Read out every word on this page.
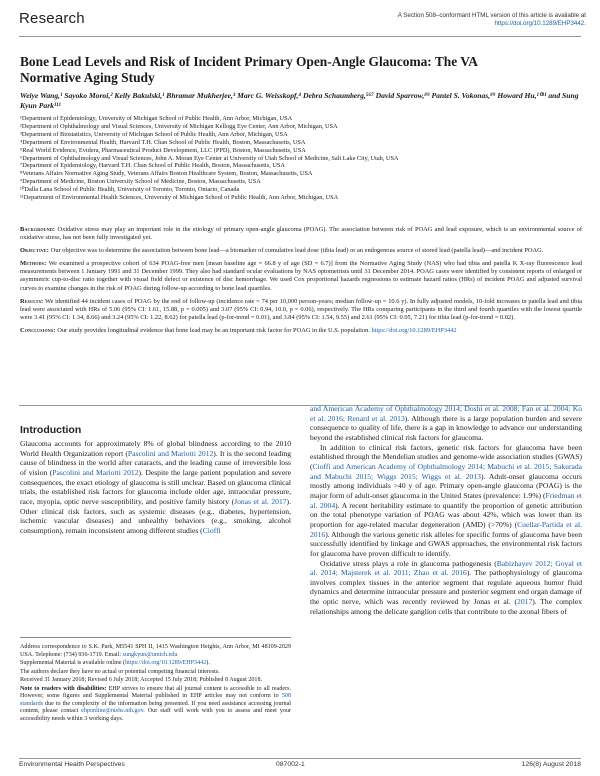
Research	A Section 508–conformant HTML version of this article is available at https://doi.org/10.1289/EHP3442.
Bone Lead Levels and Risk of Incident Primary Open-Angle Glaucoma: The VA Normative Aging Study
Weiye Wang,¹ Sayoko Moroi,² Kelly Bakulski,¹ Bhramar Mukherjee,³ Marc G. Weisskopf,⁴ Debra Schaumberg,⁵⁶⁷ David Sparrow,⁸⁹ Pantel S. Vokonas,⁸⁹ Howard Hu,¹⁰¹¹ and Sung Kyun Park¹¹¹
¹Department of Epidemiology, University of Michigan School of Public Health, Ann Arbor, Michigan, USA
²Department of Ophthalmology and Visual Sciences, University of Michigan Kellogg Eye Center, Ann Arbor, Michigan, USA
³Department of Biostatistics, University of Michigan School of Public Health, Ann Arbor, Michigan, USA
⁴Department of Environmental Health, Harvard T.H. Chan School of Public Health, Boston, Massachusetts, USA
⁵Real World Evidence, Evidera, Pharmaceutical Product Development, LLC (PPD), Boston, Massachusetts, USA
⁶Department of Ophthalmology and Visual Sciences, John A. Moran Eye Center at University of Utah School of Medicine, Salt Lake City, Utah, USA
⁷Department of Epidemiology, Harvard T.H. Chan School of Public Health, Boston, Massachusetts, USA
⁸Veterans Affairs Normative Aging Study, Veterans Affairs Boston Healthcare System, Boston, Massachusetts, USA
⁹Department of Medicine, Boston University School of Medicine, Boston, Massachusetts, USA
¹⁰Dalla Lana School of Public Health, University of Toronto, Toronto, Ontario, Canada
¹¹Department of Environmental Health Sciences, University of Michigan School of Public Health, Ann Arbor, Michigan, USA

Background: Oxidative stress may play an important role in the etiology of primary open-angle glaucoma (POAG). The association between risk of POAG and lead exposure, which is an environmental source of oxidative stress, has not been fully investigated yet.

Objective: Our objective was to determine the association between bone lead—a biomarker of cumulative lead dose (tibia lead) or an endogenous source of stored lead (patella lead)—and incident POAG.

Methods: We examined a prospective cohort of 634 POAG-free men [mean baseline age = 66.8 y of age (SD = 6.7)] from the Normative Aging Study (NAS) who had tibia and patella K X-ray fluorescence lead measurements between 1 January 1991 and 31 December 1999. They also had standard ocular evaluations by NAS optometrists until 31 December 2014. POAG cases were identified by consistent reports of enlarged or asymmetric cup-to-disc ratio together with visual field defect or existence of disc hemorrhage. We used Cox proportional hazards regressions to estimate hazard ratios (HRs) of incident POAG and adjusted survival curves to examine changes in the risk of POAG during follow-up according to bone lead quartiles.

Results: We identified 44 incident cases of POAG by the end of follow-up (incidence rate = 74 per 10,000 person-years; median follow-up = 10.6 y). In fully adjusted models, 10-fold increases in patella lead and tibia lead were associated with HRs of 5.06 (95% CI: 1.61, 15.88, p = 0.005) and 3.07 (95% CI: 0.94, 10.0, p = 0.06), respectively. The HRs comparing participants in the third and fourth quartiles with the lowest quartile were 3.41 (95% CI: 1.34, 8.66) and 3.24 (95% CI: 1.22, 8.62) for patella lead (p-for-trend = 0.01), and 3.84 (95% CI: 1.54, 9.55) and 2.61 (95% CI: 0.95, 7.21) for tibia lead (p-for-trend = 0.02).

Conclusions: Our study provides longitudinal evidence that bone lead may be an important risk factor for POAG in the U.S. population. https://doi.org/10.1289/EHP3442

Introduction

Glaucoma accounts for approximately 8% of global blindness according to the 2010 World Health Organization report (Pascolini and Mariotti 2012). It is the second leading cause of blindness in the world after cataracts, and the leading cause of irreversible loss of vision (Pascolini and Mariotti 2012). Despite the large patient population and severe consequences, the exact etiology of glaucoma is still unclear. Based on glaucoma clinical trials, the established risk factors for glaucoma include older age, intraocular pressure, race, myopia, optic nerve susceptibility, and positive family history (Jonas et al. 2017). Other clinical risk factors, such as systemic diseases (e.g., diabetes, hypertension, ischemic vascular diseases) and unhealthy behaviors (e.g., smoking, alcohol consumption), remain inconsistent among different studies (Cioffi

Address correspondence to S.K. Park, M5541 SPH II, 1415 Washington Heights, Ann Arbor, MI 48109-2029 USA. Telephone: (734) 936-1719. Email: sungkyun@umich.edu

Supplemental Material is available online (https://doi.org/10.1289/EHP3442).

The authors declare they have no actual or potential competing financial interests.

Received 31 January 2018; Revised 6 July 2018; Accepted 15 July 2018; Published 8 August 2018.

Note to readers with disabilities: EHP strives to ensure that all journal content is accessible to all readers. However, some figures and Supplemental Material published in EHP articles may not conform to 508 standards due to the complexity of the information being presented. If you need assistance accessing journal content, please contact ehponline@niehs.nih.gov. Our staff will work with you to assess and meet your accessibility needs within 3 working days.

and American Academy of Ophthalmology 2014; Doshi et al. 2008; Fan et al. 2004; Ko et al. 2016; Renard et al. 2013). Although there is a large population burden and severe consequence to quality of life, there is a gap in knowledge to advance our understanding beyond the established clinical risk factors for glaucoma.

In addition to clinical risk factors, genetic risk factors for glaucoma have been established through the Mendelian studies and genome-wide association studies (GWAS) (Cioffi and American Academy of Ophthalmology 2014; Mabuchi et al. 2015; Sakurada and Mabuchi 2015; Wiggs 2015; Wiggs et al. 2013). Adult-onset glaucoma occurs mostly among individuals >40 y of age. Primary open-angle glaucoma (POAG) is the major form of adult-onset glaucoma in the United States (prevalence: 1.9%) (Friedman et al. 2004). A recent heritability estimate to quantify the proportion of genetic attribution on the total phenotype variation of POAG was about 42%, which was lower than its proportion for age-related macular degeneration (AMD) (>70%) (Cuellar-Partida et al. 2016). Although the various genetic risk alleles for specific forms of glaucoma have been successfully identified by linkage and GWAS approaches, the environmental risk factors for glaucoma have proven difficult to identify.

Oxidative stress plays a role in glaucoma pathogenesis (Babizhayev 2012; Goyal et al. 2014; Majsterek et al. 2011; Zhao et al. 2016). The pathophysiology of glaucoma involves complex tissues in the anterior segment that regulate aqueous humor fluid dynamics and determine intraocular pressure and posterior segment end organ damage of the optic nerve, which was recently reviewed by Jonas et al. (2017). The complex relationships among the delicate ganglion cells that contribute to the axonal fibers of

Environmental Health Perspectives	087002-1	126(8) August 2018
